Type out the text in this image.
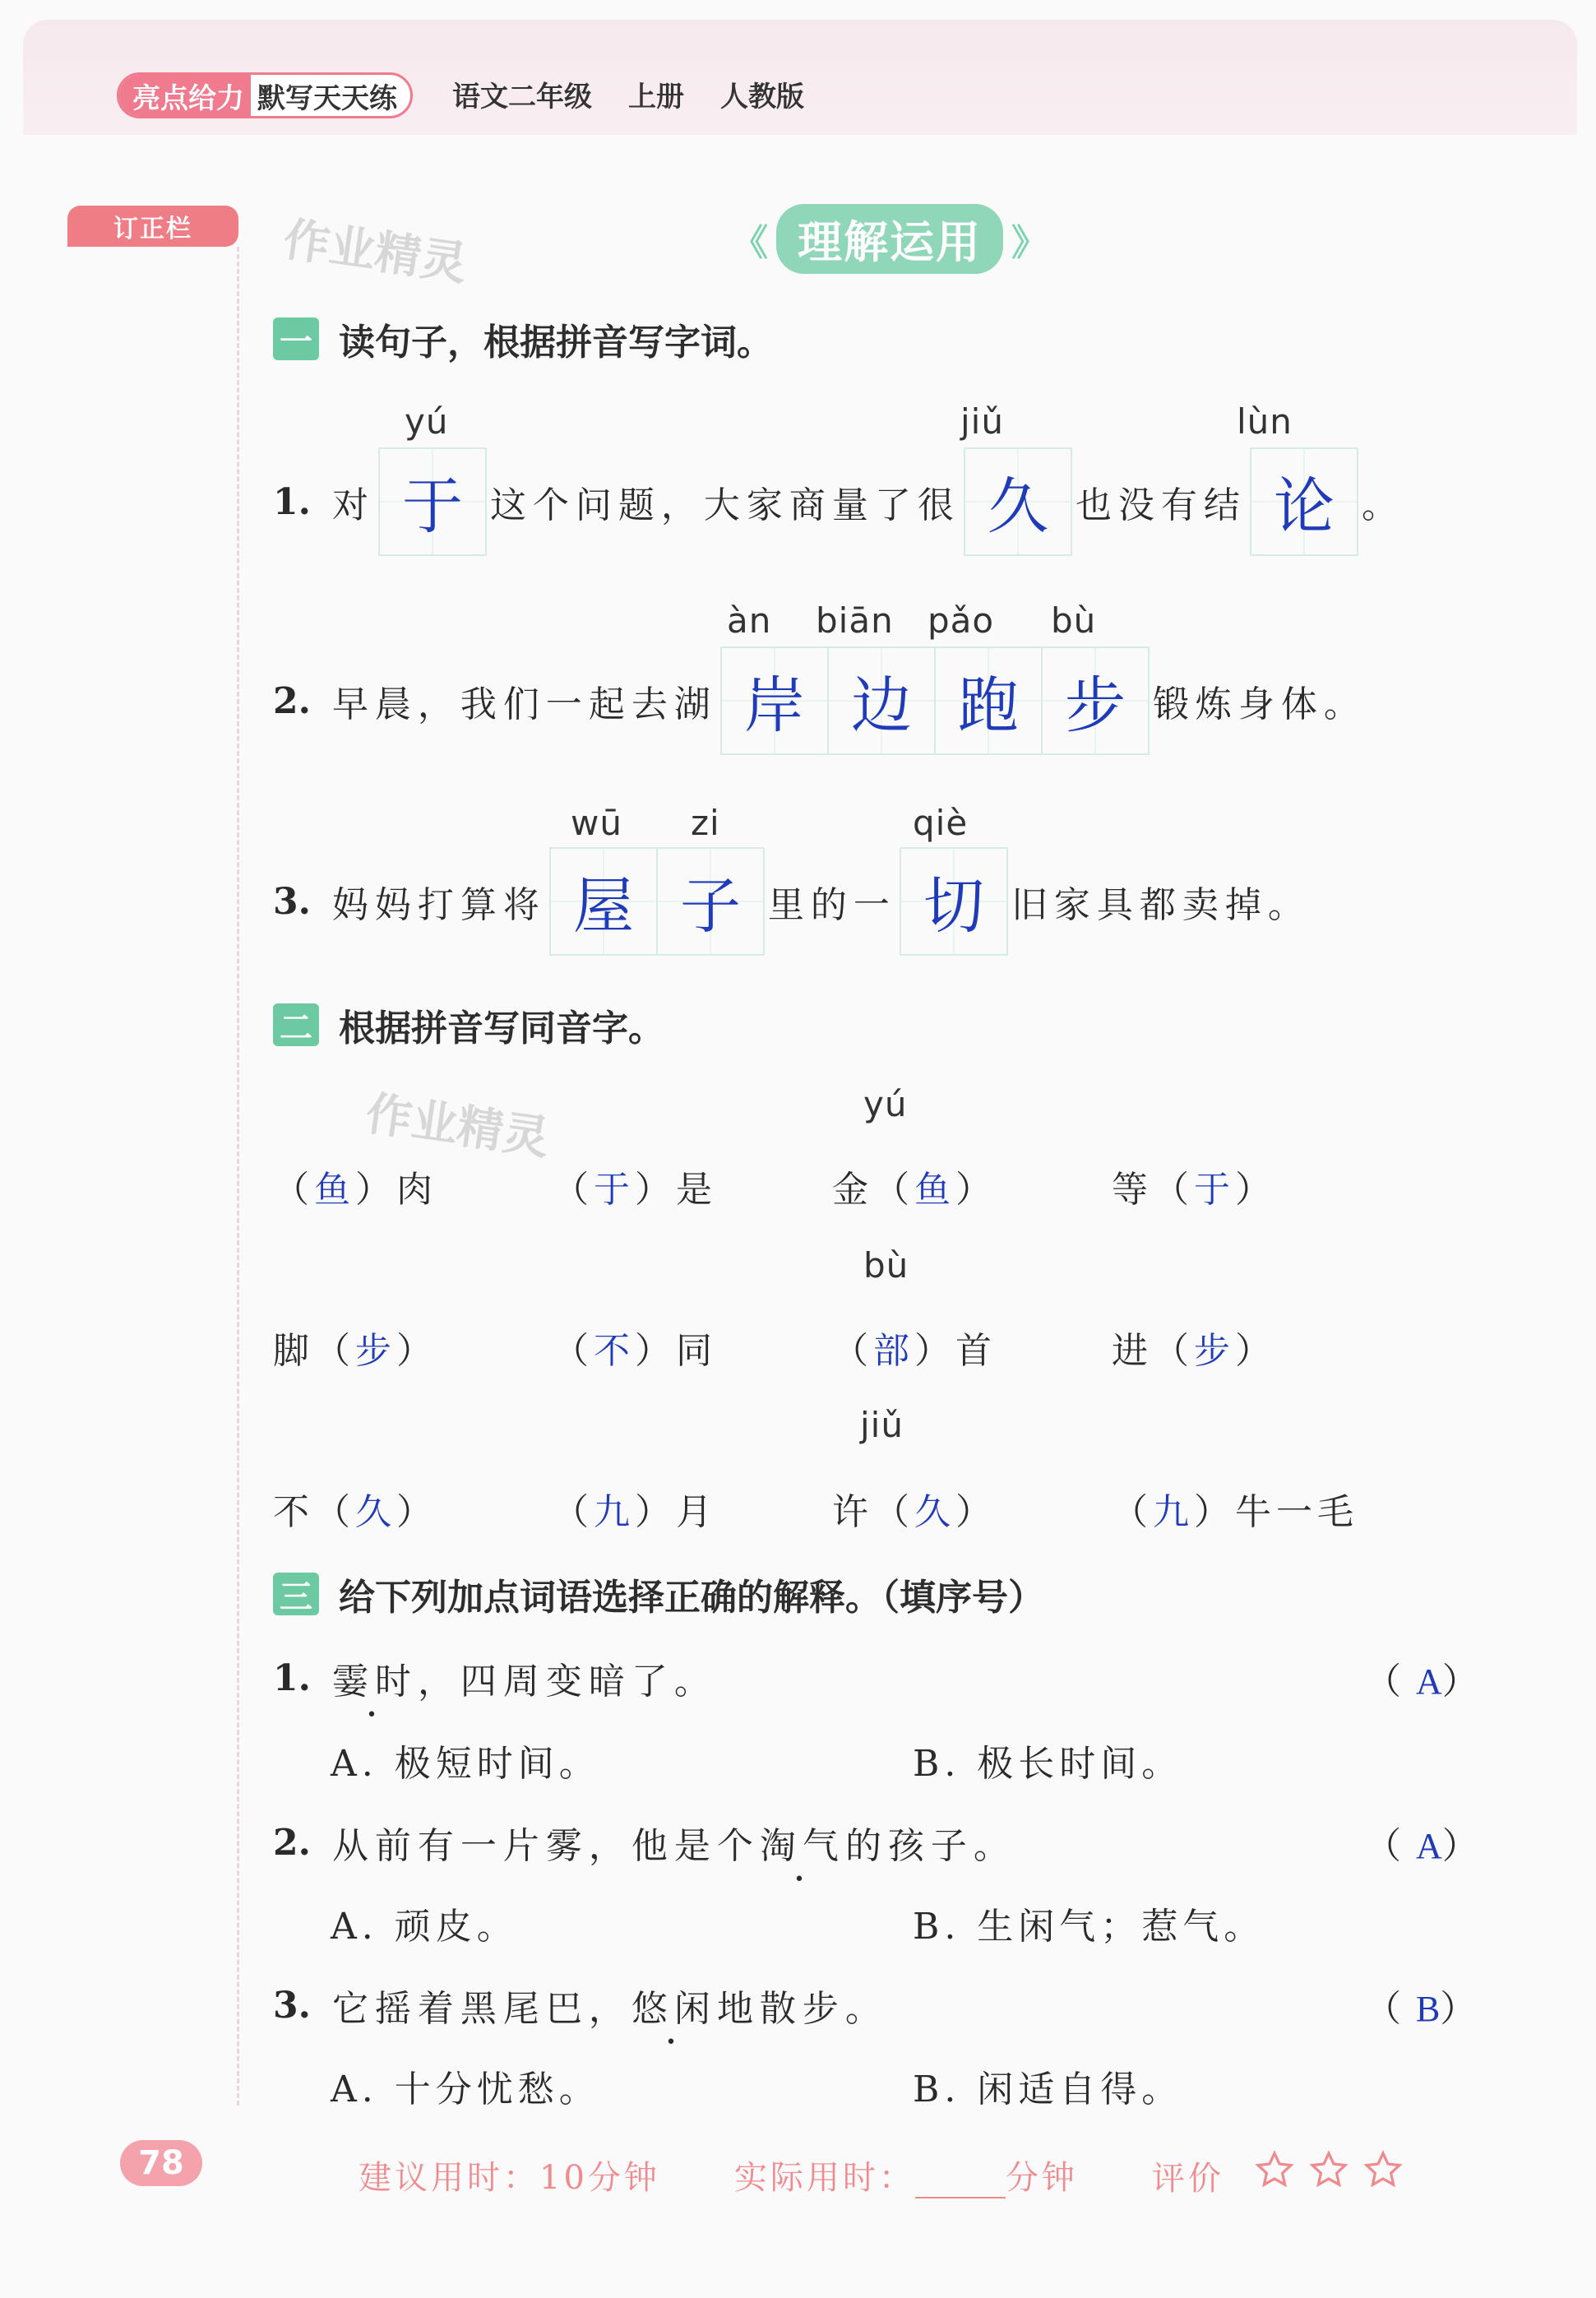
亮点给力 默写天天练	语文二年级 上册 人教版
订正栏	作业精灵
作业精灵
《 理解运用 》
一 读句子，根据拼音写字词。
yú	jiǔ	lùn
1. 对 于 这个问题，大家商量了很 久 也没有结 论 。
àn biān pǎo bù
2. 早晨，我们一起去湖 岸 边 跑 步 锻炼身体。
wū zi	qiè
3. 妈妈打算将 屋 子 里的一 切 旧家具都卖掉。
二 根据拼音写同音字。
yú
（鱼）肉	（于）是	金（鱼）	等（于）
bù
脚（步）	（不）同	（部）首	进（步）
jiǔ
不（久）	（九）月	许（久）	（九）牛一毛
三 给下列加点词语选择正确的解释。（填序号）
1. 霎时 • ，四周变暗了。	（A）
A. 极短时间。	B. 极长时间。
2. 从前有一片雾，他是个 淘气 • 的孩子。	（A）
A. 顽皮。	B. 生闲气；惹气。
3. 它摇着黑尾巴， 悠闲 • 地散步。	（B）
A. 十分忧愁。	B. 闲适自得。
78	建议用时：10分钟 实际用时：	分钟 评价
